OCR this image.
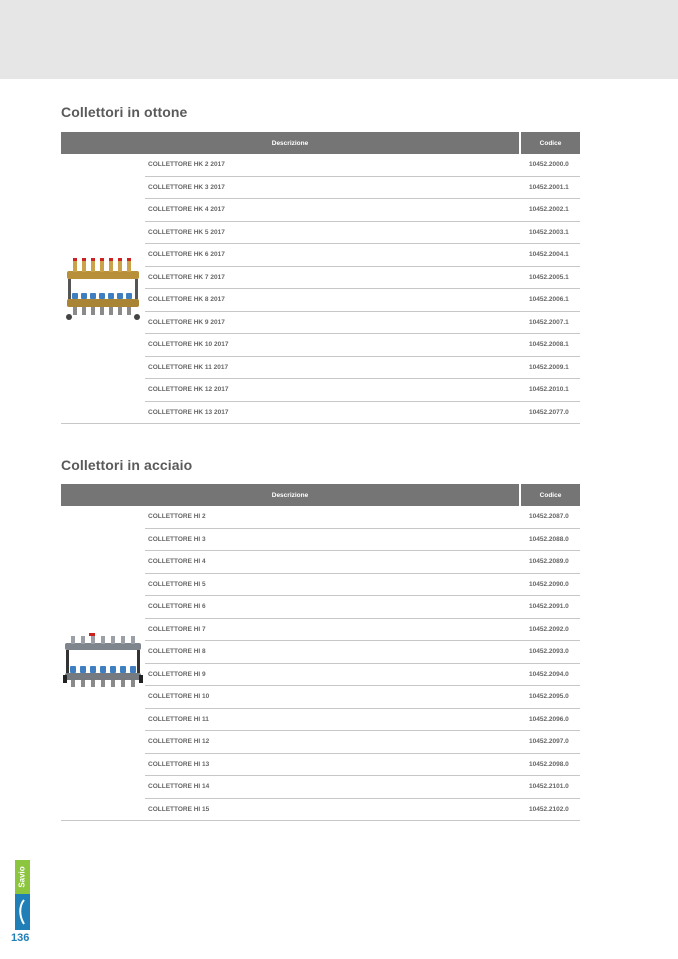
Collettori in ottone
Descrizione	Codice
COLLETTORE HK 2 2017	10452.2000.0
COLLETTORE HK 3 2017	10452.2001.1
COLLETTORE HK 4 2017	10452.2002.1
COLLETTORE HK 5 2017	10452.2003.1
COLLETTORE HK 6 2017	10452.2004.1
COLLETTORE HK 7 2017	10452.2005.1
COLLETTORE HK 8 2017	10452.2006.1
COLLETTORE HK 9 2017	10452.2007.1
COLLETTORE HK 10 2017	10452.2008.1
COLLETTORE HK 11 2017	10452.2009.1
COLLETTORE HK 12 2017	10452.2010.1
COLLETTORE HK 13 2017	10452.2077.0
Collettori in acciaio
Descrizione	Codice
COLLETTORE HI 2	10452.2087.0
COLLETTORE HI 3	10452.2088.0
COLLETTORE HI 4	10452.2089.0
COLLETTORE HI 5	10452.2090.0
COLLETTORE HI 6	10452.2091.0
COLLETTORE HI 7	10452.2092.0
COLLETTORE HI 8	10452.2093.0
COLLETTORE HI 9	10452.2094.0
COLLETTORE HI 10	10452.2095.0
COLLETTORE HI 11	10452.2096.0
COLLETTORE HI 12	10452.2097.0
COLLETTORE HI 13	10452.2098.0
COLLETTORE HI 14	10452.2101.0
COLLETTORE HI 15	10452.2102.0
Savio
136
